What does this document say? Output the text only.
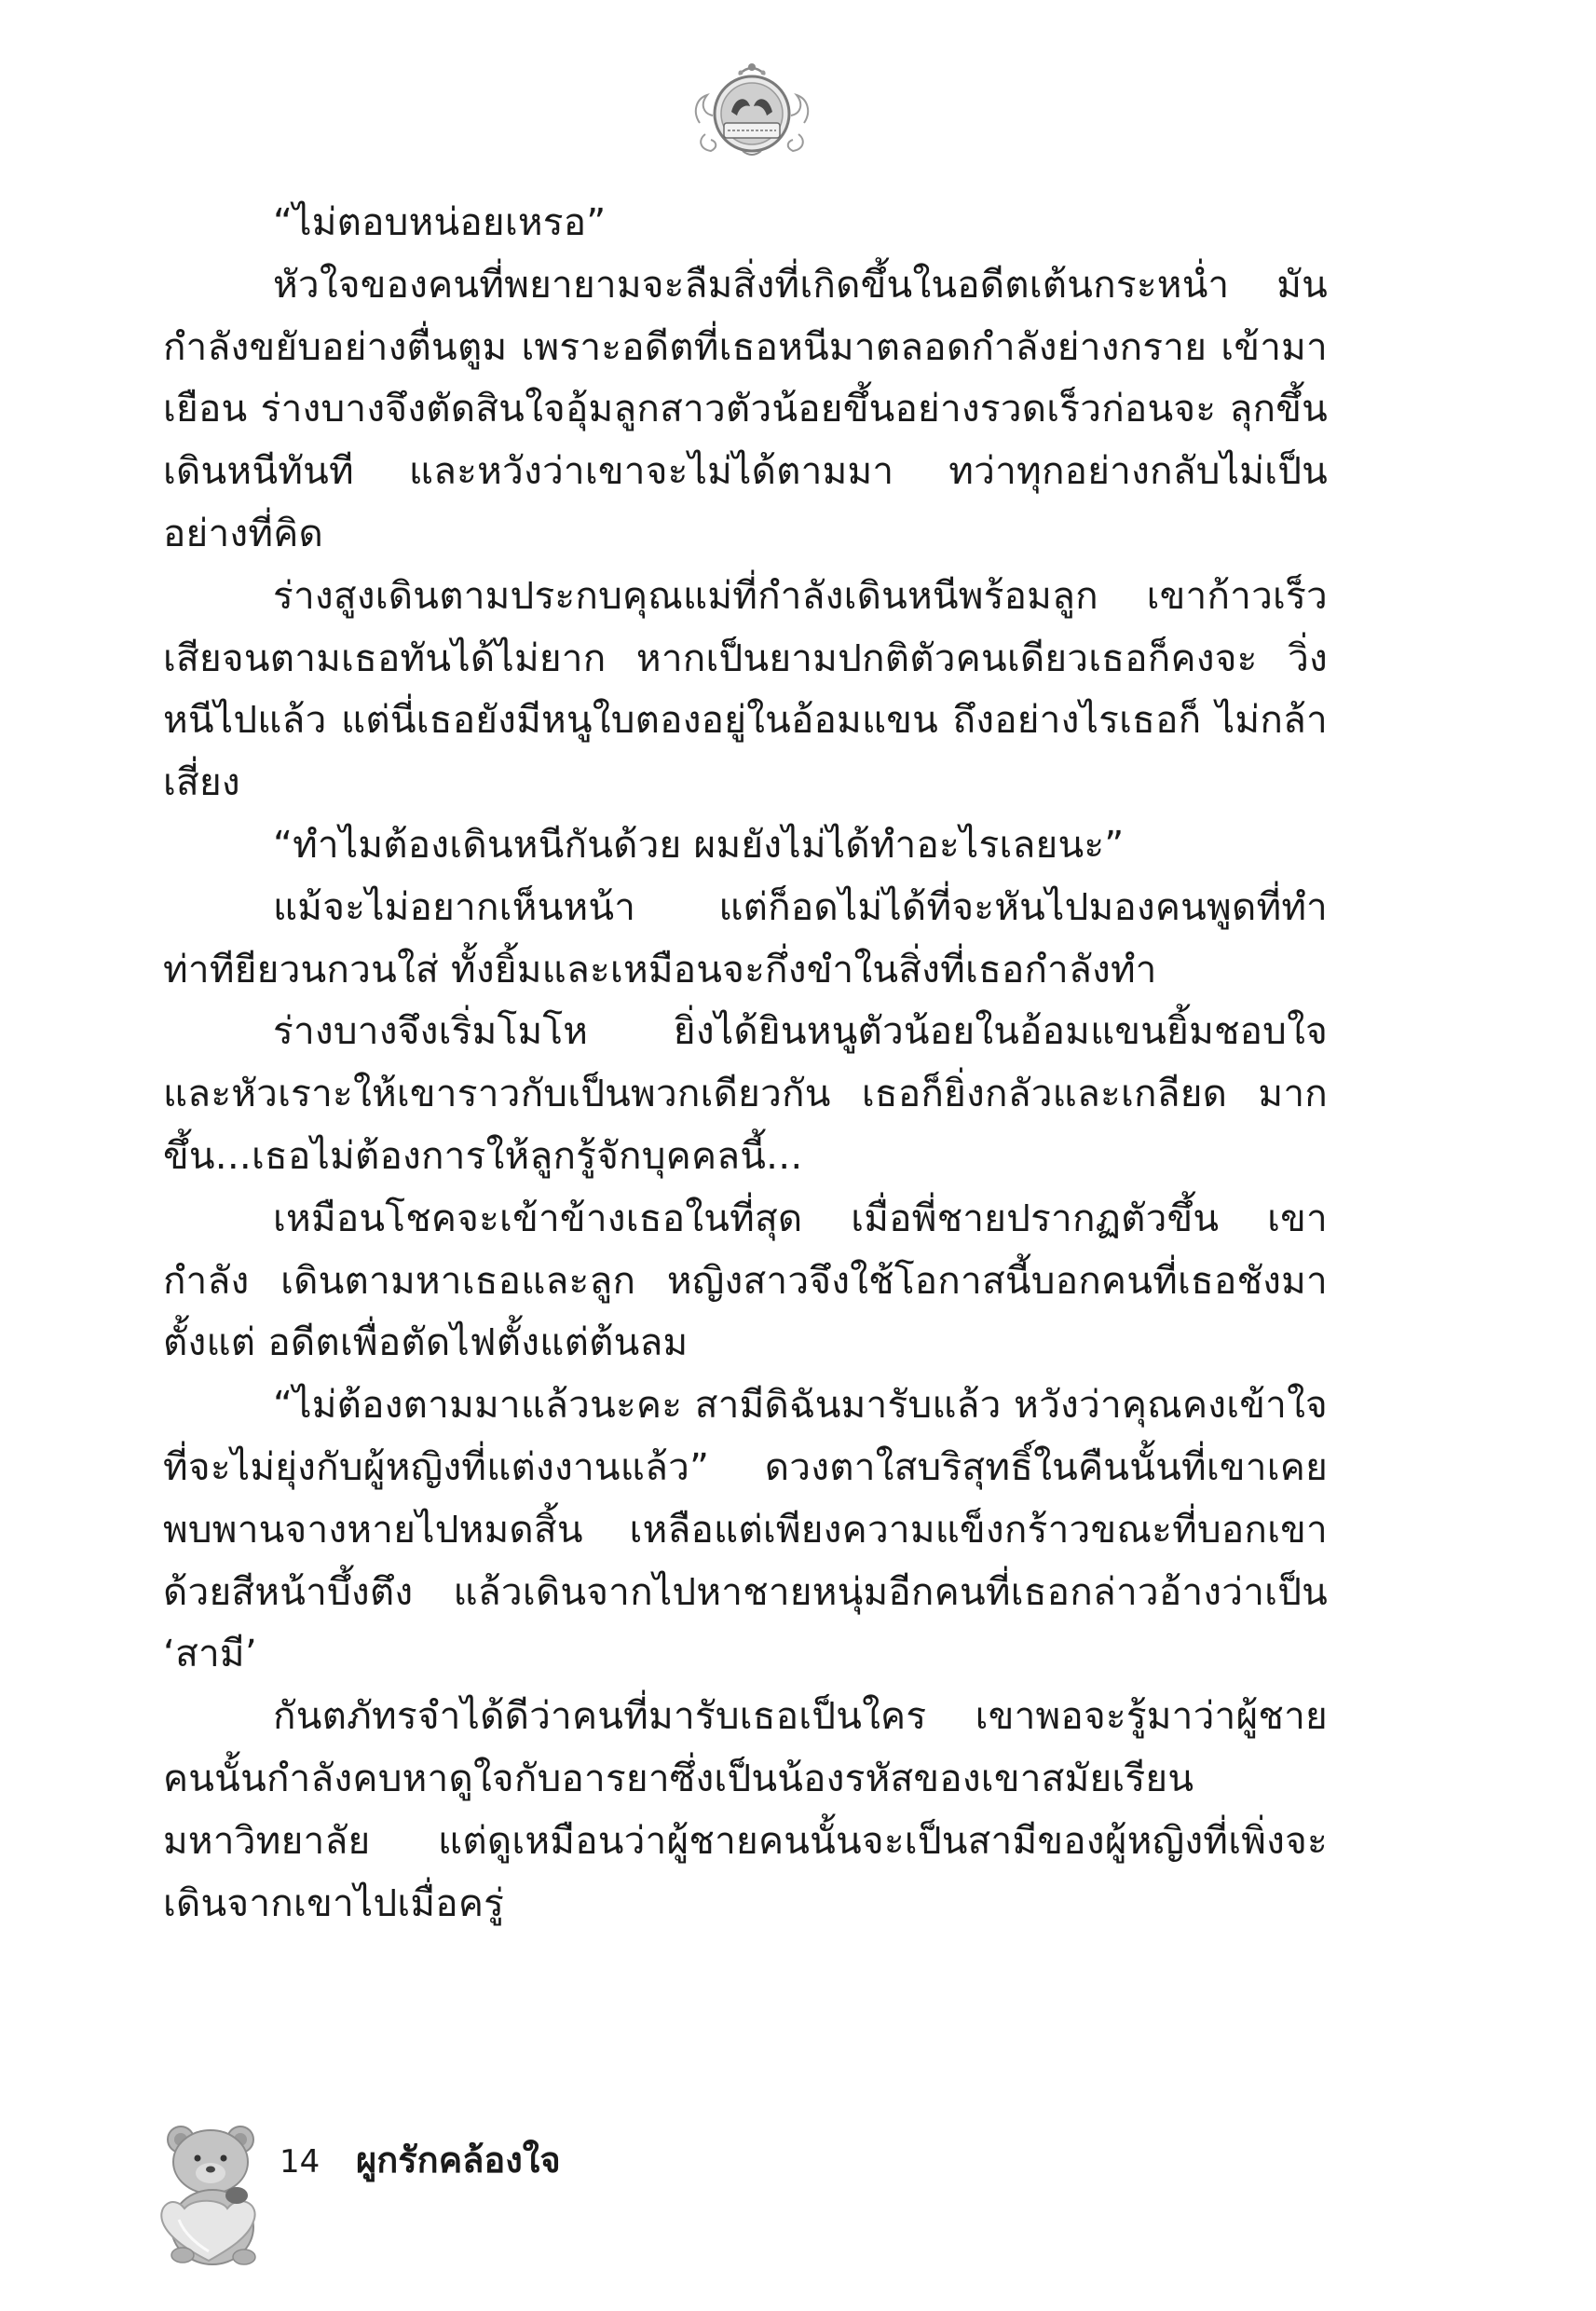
“ไม่ตอบหน่อยเหรอ”

หัวใจของคนที่พยายามจะลืมสิ่งที่เกิดขึ้นในอดีตเต้นกระหน่ำ มันกำลังขยับอย่างตื่นตูม เพราะอดีตที่เธอหนีมาตลอดกำลังย่างกราย เข้ามาเยือน ร่างบางจึงตัดสินใจอุ้มลูกสาวตัวน้อยขึ้นอย่างรวดเร็วก่อนจะ ลุกขึ้นเดินหนีทันที และหวังว่าเขาจะไม่ได้ตามมา ทว่าทุกอย่างกลับไม่เป็น อย่างที่คิด

ร่างสูงเดินตามประกบคุณแม่ที่กำลังเดินหนีพร้อมลูก เขาก้าวเร็ว เสียจนตามเธอทันได้ไม่ยาก หากเป็นยามปกติตัวคนเดียวเธอก็คงจะ วิ่งหนีไปแล้ว แต่นี่เธอยังมีหนูใบตองอยู่ในอ้อมแขน ถึงอย่างไรเธอก็ ไม่กล้าเสี่ยง

“ทำไมต้องเดินหนีกันด้วย ผมยังไม่ได้ทำอะไรเลยนะ”

แม้จะไม่อยากเห็นหน้า แต่ก็อดไม่ได้ที่จะหันไปมองคนพูดที่ทำ ท่าทียียวนกวนใส่ ทั้งยิ้มและเหมือนจะกึ่งขำในสิ่งที่เธอกำลังทำ

ร่างบางจึงเริ่มโมโห ยิ่งได้ยินหนูตัวน้อยในอ้อมแขนยิ้มชอบใจ และหัวเราะให้เขาราวกับเป็นพวกเดียวกัน เธอก็ยิ่งกลัวและเกลียด มากขึ้น...เธอไม่ต้องการให้ลูกรู้จักบุคคลนี้...

เหมือนโชคจะเข้าข้างเธอในที่สุด เมื่อพี่ชายปรากฏตัวขึ้น เขากำลัง เดินตามหาเธอและลูก หญิงสาวจึงใช้โอกาสนี้บอกคนที่เธอชังมาตั้งแต่ อดีตเพื่อตัดไฟตั้งแต่ต้นลม

“ไม่ต้องตามมาแล้วนะคะ สามีดิฉันมารับแล้ว หวังว่าคุณคงเข้าใจ ที่จะไม่ยุ่งกับผู้หญิงที่แต่งงานแล้ว” ดวงตาใสบริสุทธิ์ในคืนนั้นที่เขาเคย พบพานจางหายไปหมดสิ้น เหลือแต่เพียงความแข็งกร้าวขณะที่บอกเขา ด้วยสีหน้าบึ้งตึง แล้วเดินจากไปหาชายหนุ่มอีกคนที่เธอกล่าวอ้างว่าเป็น ‘สามี’

กันตภัทรจำได้ดีว่าคนที่มารับเธอเป็นใคร เขาพอจะรู้มาว่าผู้ชาย คนนั้นกำลังคบหาดูใจกับอารยาซึ่งเป็นน้องรหัสของเขาสมัยเรียน มหาวิทยาลัย แต่ดูเหมือนว่าผู้ชายคนนั้นจะเป็นสามีของผู้หญิงที่เพิ่งจะ เดินจากเขาไปเมื่อครู่

14 ผูกรักคล้องใจ
